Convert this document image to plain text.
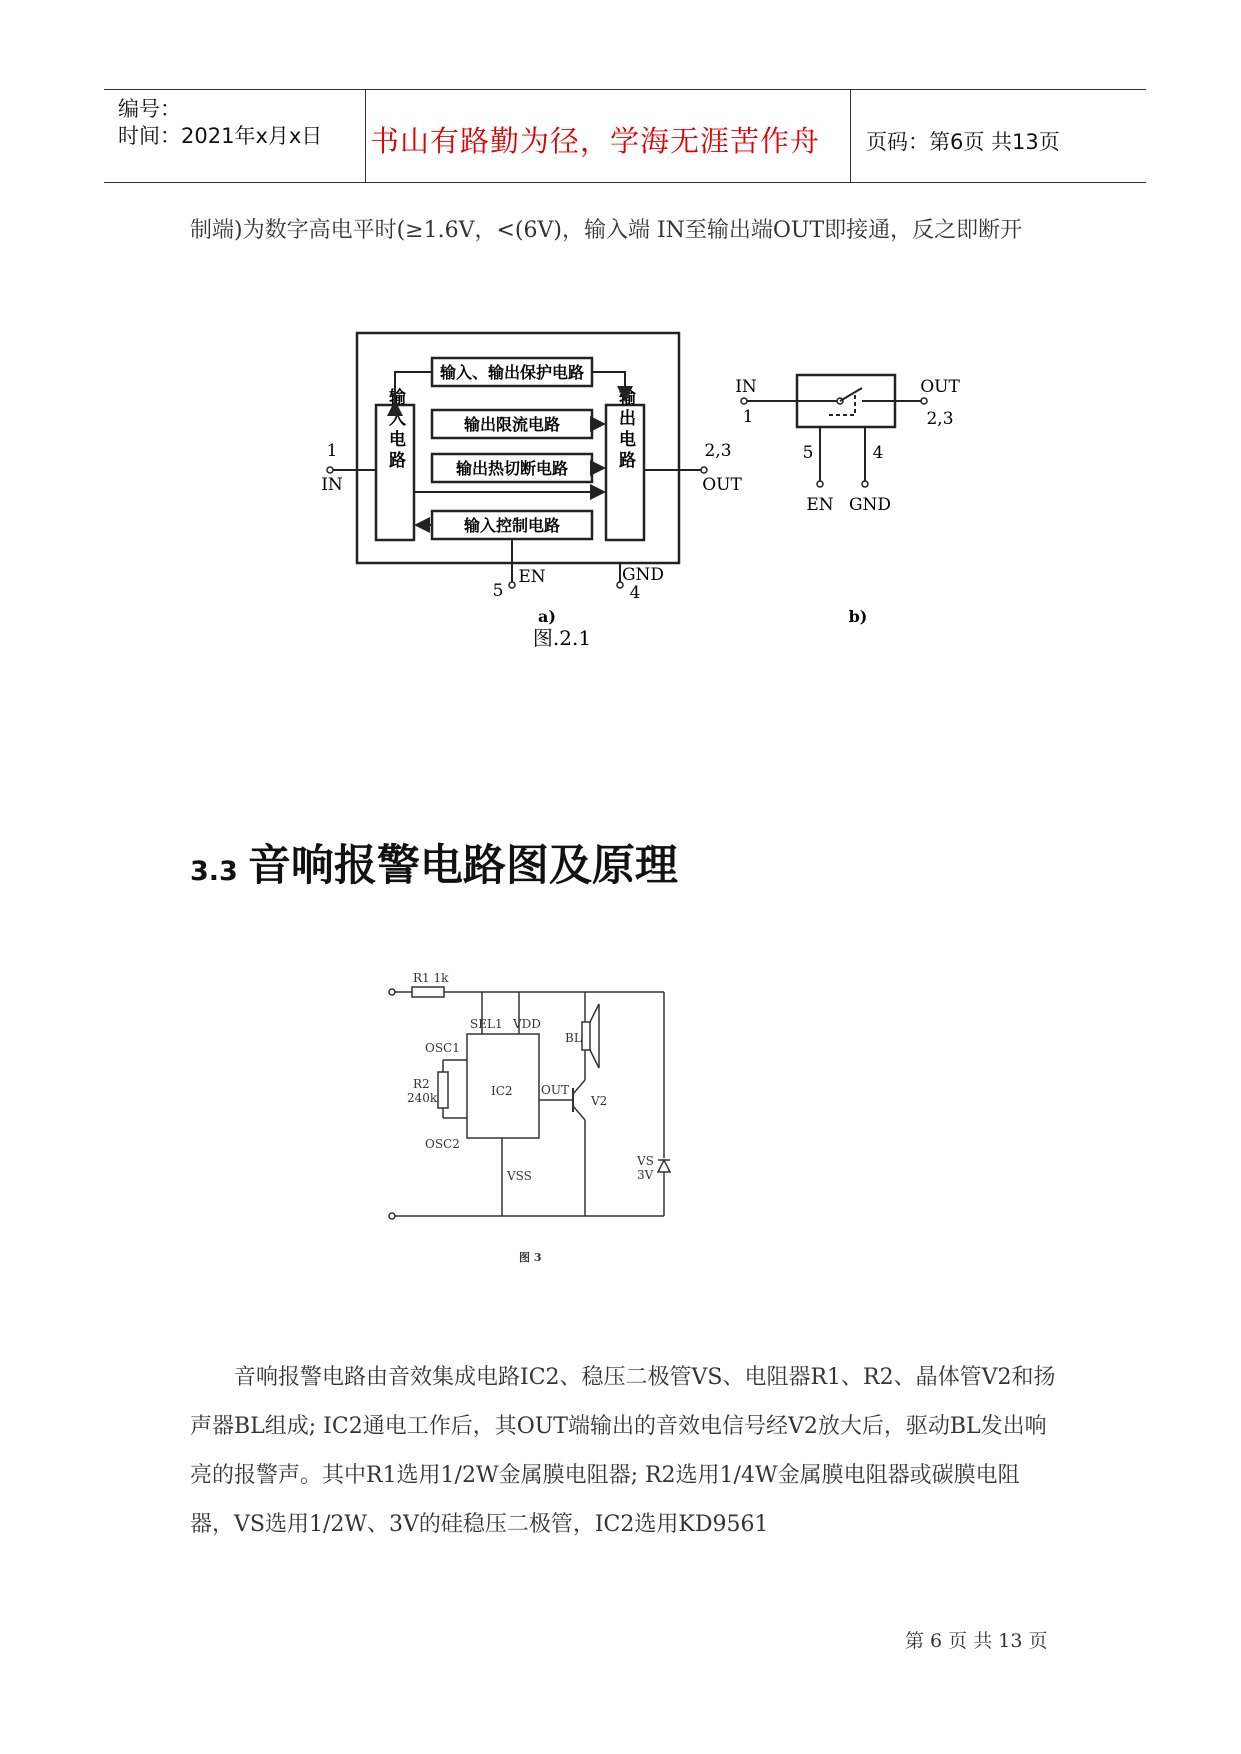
编号：
时间：2021年x月x日 书山有路勤为径，学海无涯苦作舟 页码：第6页 共13页
制端)为数字高电平时(≥1.6V，<(6V)，输入端 IN至输出端OUT即接通，反之即断开
输入电路	输出电路
输入、输出保护电路
输出限流电路
输出热切断电路
输入控制电路
1
IN
2,3
OUT
5
EN	GND
4
a)
图.2.1
IN
1
OUT
2,3
5	4
EN GND
b)
3.3 音响报警电路图及原理
R1 1k
SEL1 VDD
BL
OSC1
R2
240k
OSC2
IC2 OUT
V2
VSS
VS
3V
图 3
音响报警电路由音效集成电路IC2、稳压二极管VS、电阻器R1、R2、晶体管V2和扬声器BL组成; IC2通电工作后，其OUT端输出的音效电信号经V2放大后，驱动BL发出响亮的报警声。其中R1选用1/2W金属膜电阻器; R2选用1/4W金属膜电阻器或碳膜电阻器，VS选用1/2W、3V的硅稳压二极管，IC2选用KD9561
第 6 页 共 13 页
